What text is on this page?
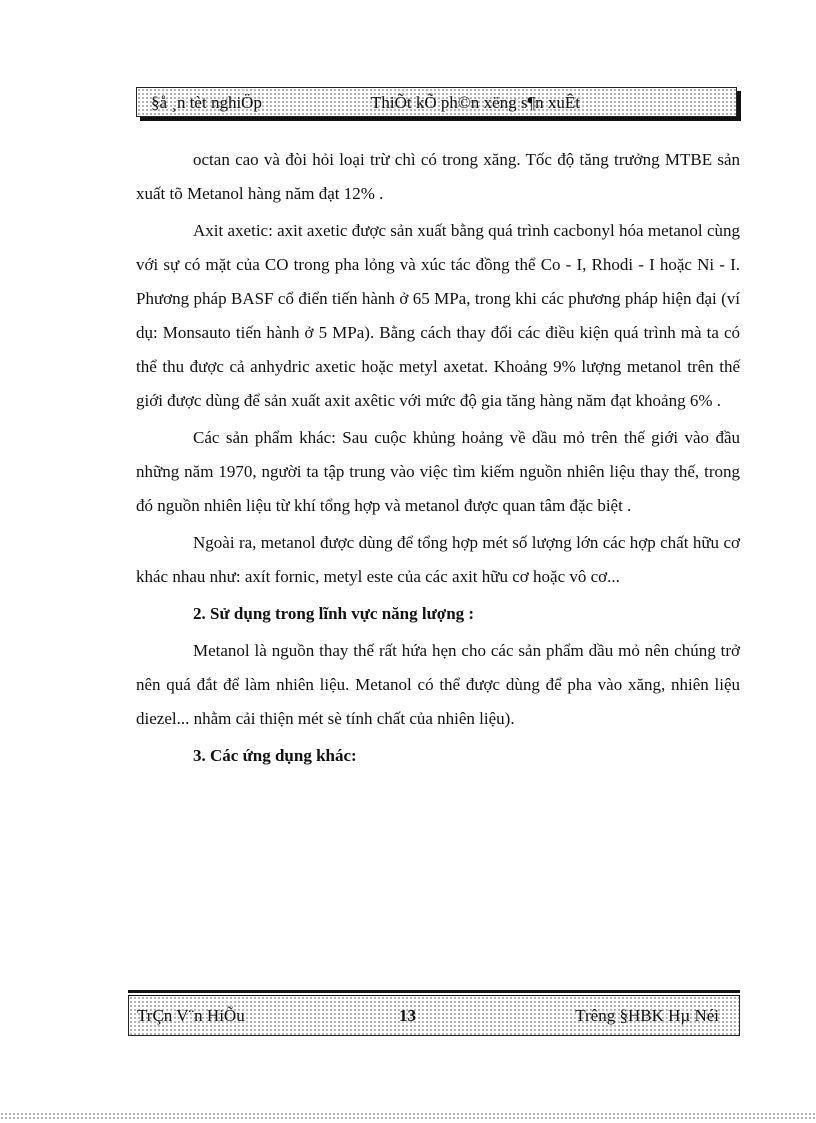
§å ¸n tèt nghiÖp	ThiÕt kÕ ph©n xëng s¶n xuÊt

octan cao và đòi hỏi loại trừ chì có trong xăng. Tốc độ tăng trưởng MTBE sản xuất tõ Metanol hàng năm đạt 12% .

Axit axetic: axit axetic được sản xuất bằng quá trình cacbonyl hóa metanol cùng với sự có mặt của CO trong pha lỏng và xúc tác đồng thể Co - I, Rhodi - I hoặc Ni - I. Phương pháp BASF cổ điển tiến hành ở 65 MPa, trong khi các phương pháp hiện đại (ví dụ: Monsauto tiến hành ở 5 MPa). Bằng cách thay đổi các điều kiện quá trình mà ta có thể thu được cả anhydric axetic hoặc metyl axetat. Khoảng 9% lượng metanol trên thế giới được dùng để sản xuất axit axêtic với mức độ gia tăng hàng năm đạt khoảng 6% .

Các sản phẩm khác: Sau cuộc khủng hoảng về dầu mỏ trên thế giới vào đầu những năm 1970, người ta tập trung vào việc tìm kiếm nguồn nhiên liệu thay thế, trong đó nguồn nhiên liệu từ khí tổng hợp và metanol được quan tâm đặc biệt .

Ngoài ra, metanol được dùng để tổng hợp mét số lượng lớn các hợp chất hữu cơ khác nhau như: axít fornic, metyl este của các axit hữu cơ hoặc vô cơ...

2. Sử dụng trong lĩnh vực năng lượng :

Metanol là nguồn thay thế rất hứa hẹn cho các sản phẩm dầu mỏ nên chúng trở nên quá đắt để làm nhiên liệu. Metanol có thể được dùng để pha vào xăng, nhiên liệu diezel... nhằm cải thiện mét sè tính chất của nhiên liệu).

3. Các ứng dụng khác:

TrÇn V¨n HiÕu	13	Trêng §HBK Hµ Néi
